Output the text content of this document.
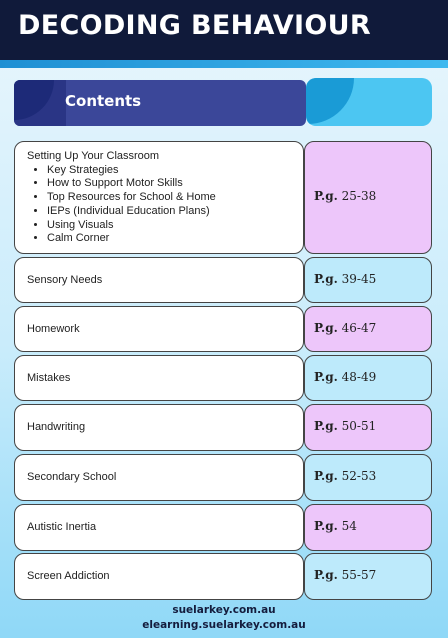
DECODING BEHAVIOUR
Contents
Setting Up Your Classroom
• Key Strategies
• How to Support Motor Skills
• Top Resources for School & Home
• IEPs (Individual Education Plans)
• Using Visuals
• Calm Corner
P.g. 25-38
Sensory Needs	P.g. 39-45
Homework	P.g. 46-47
Mistakes	P.g. 48-49
Handwriting	P.g. 50-51
Secondary School	P.g. 52-53
Autistic Inertia	P.g. 54
Screen Addiction	P.g. 55-57
suelarkey.com.au
elearning.suelarkey.com.au
